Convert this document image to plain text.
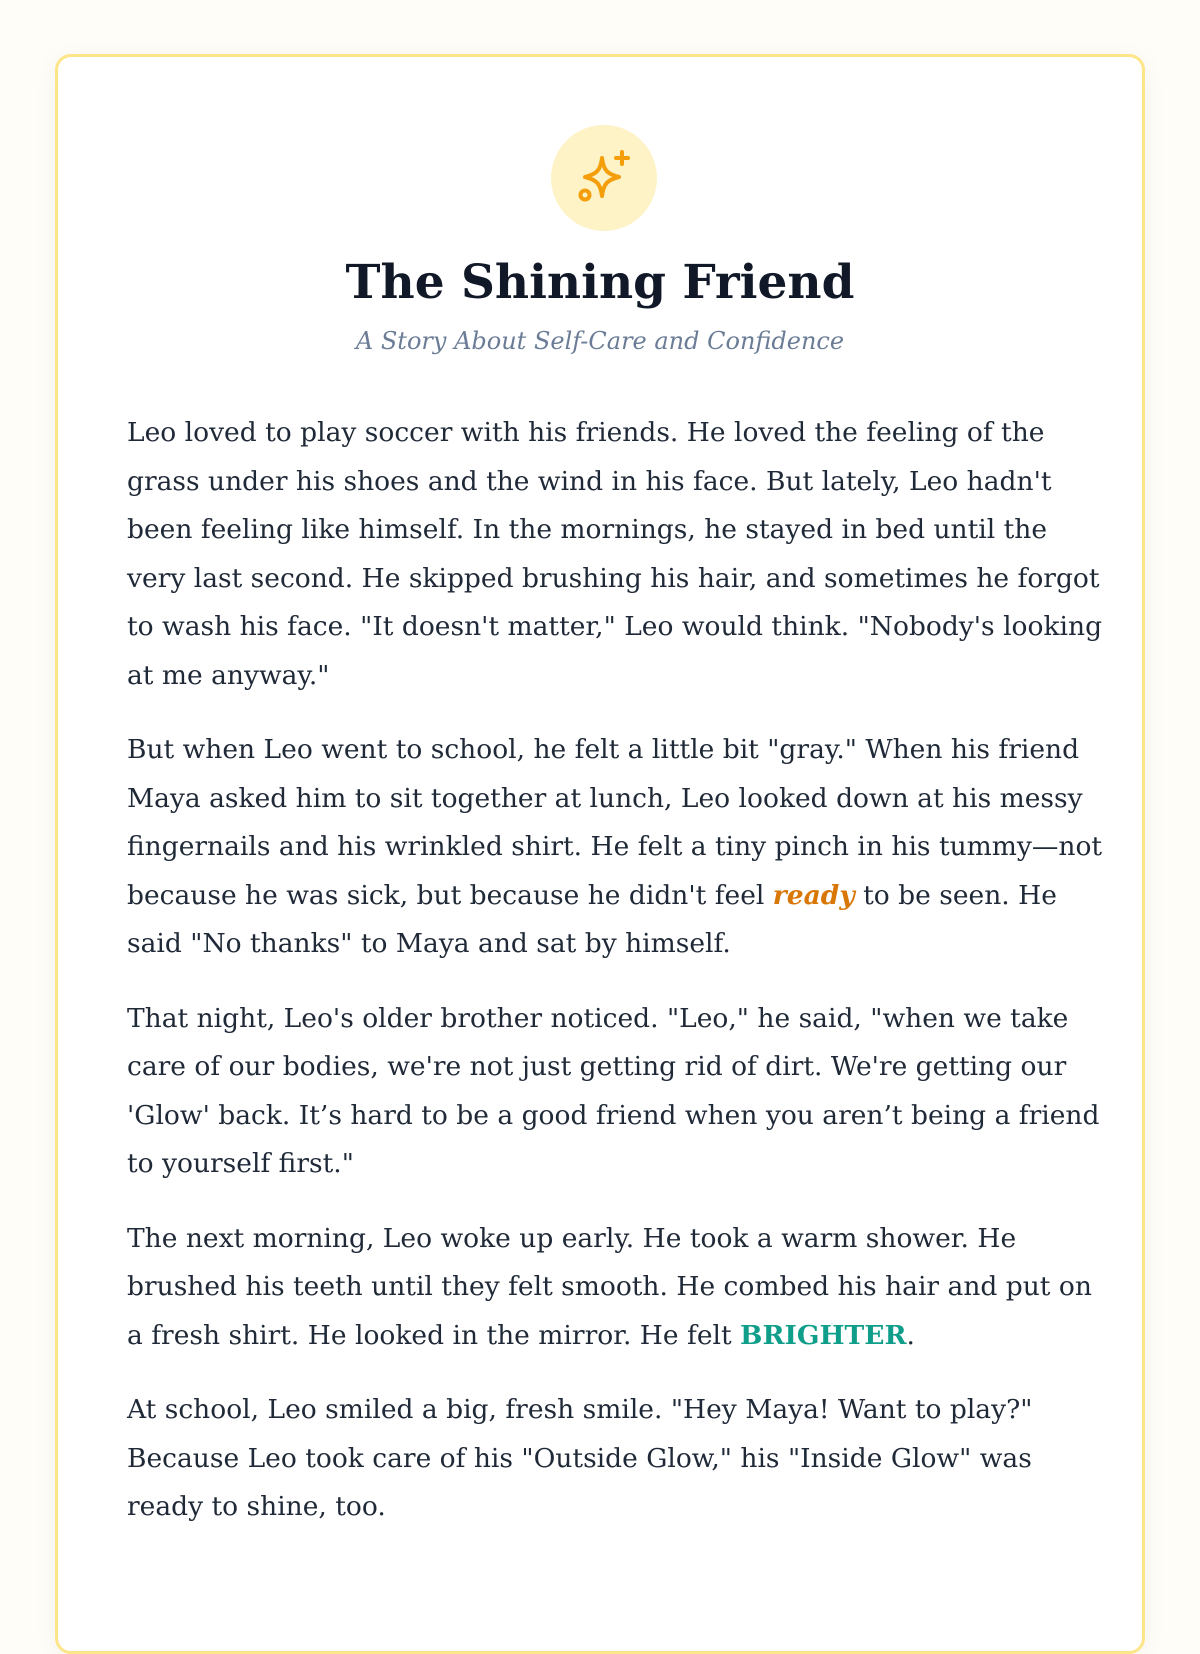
The Shining Friend

A Story About Self-Care and Confidence

Leo loved to play soccer with his friends. He loved the feeling of the grass under his shoes and the wind in his face. But lately, Leo hadn't been feeling like himself. In the mornings, he stayed in bed until the very last second. He skipped brushing his hair, and sometimes he forgot to wash his face. "It doesn't matter," Leo would think. "Nobody's looking at me anyway."

But when Leo went to school, he felt a little bit "gray." When his friend Maya asked him to sit together at lunch, Leo looked down at his messy fingernails and his wrinkled shirt. He felt a tiny pinch in his tummy—not because he was sick, but because he didn't feel ready to be seen. He said "No thanks" to Maya and sat by himself.

That night, Leo's older brother noticed. "Leo," he said, "when we take care of our bodies, we're not just getting rid of dirt. We're getting our 'Glow' back. It’s hard to be a good friend when you aren’t being a friend to yourself first."

The next morning, Leo woke up early. He took a warm shower. He brushed his teeth until they felt smooth. He combed his hair and put on a fresh shirt. He looked in the mirror. He felt BRIGHTER.

At school, Leo smiled a big, fresh smile. "Hey Maya! Want to play?" Because Leo took care of his "Outside Glow," his "Inside Glow" was ready to shine, too.
